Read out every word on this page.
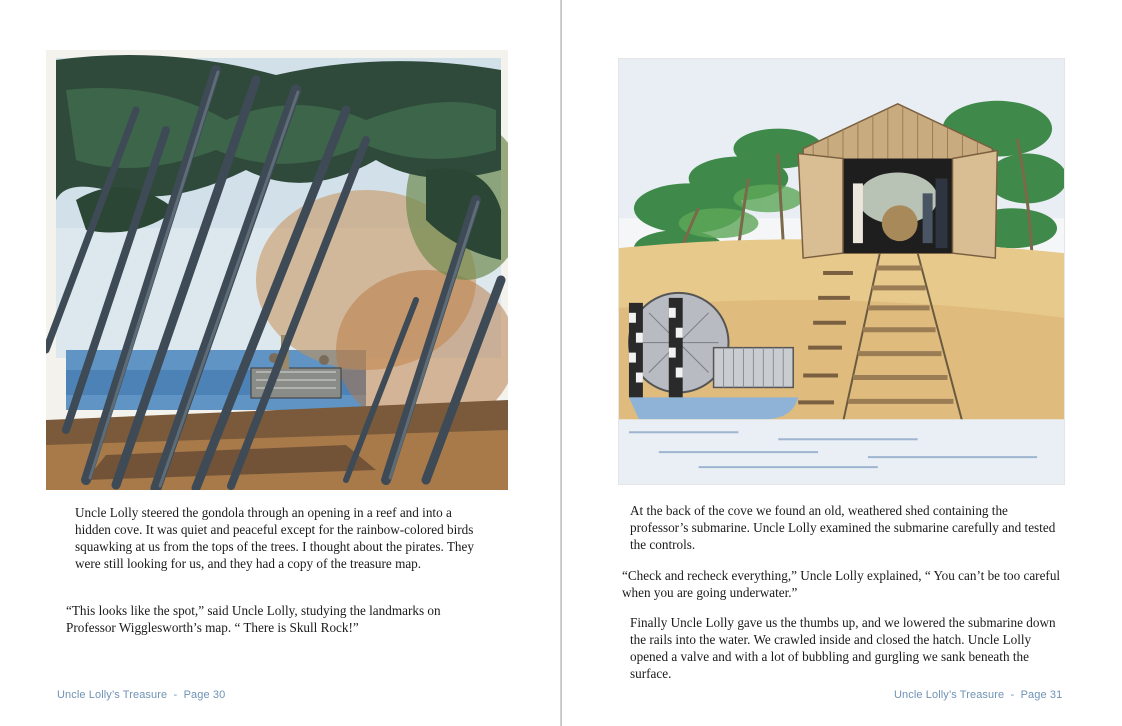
Uncle Lolly steered the gondola through an opening in a reef and into a hidden cove. It was quiet and peaceful except for the rainbow-colored birds squawking at us from the tops of the trees. I thought about the pirates. They were still looking for us, and they had a copy of the treasure map.

“This looks like the spot,” said Uncle Lolly, studying the landmarks on Professor Wigglesworth’s map. “ There is Skull Rock!”

Uncle Lolly’s Treasure  -  Page 30

At the back of the cove we found an old, weathered shed containing the professor’s submarine. Uncle Lolly examined the submarine carefully and tested the controls.

“Check and recheck everything,” Uncle Lolly explained, “ You can’t be too careful when you are going underwater.”

Finally Uncle Lolly gave us the thumbs up, and we lowered the submarine down the rails into the water. We crawled inside and closed the hatch. Uncle Lolly opened a valve and with a lot of bubbling and gurgling we sank beneath the surface.

Uncle Lolly’s Treasure  -  Page 31
